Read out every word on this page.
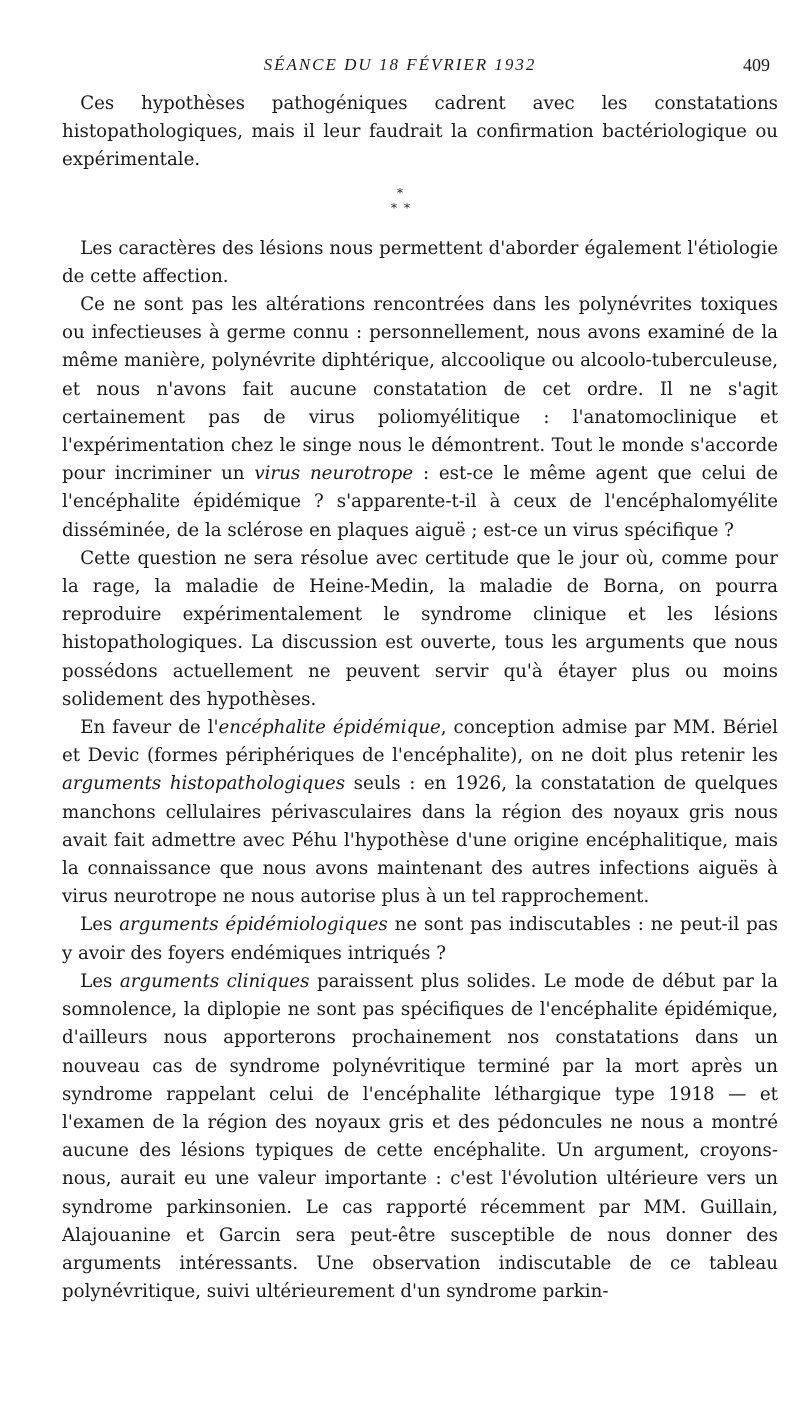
SÉANCE DU 18 FÉVRIER 1932	409

Ces hypothèses pathogéniques cadrent avec les constatations histopathologiques, mais il leur faudrait la confirmation bactériologique ou expérimentale.

*
* *

Les caractères des lésions nous permettent d'aborder également l'étiologie de cette affection.

Ce ne sont pas les altérations rencontrées dans les polynévrites toxiques ou infectieuses à germe connu : personnellement, nous avons examiné de la même manière, polynévrite diphtérique, alccoolique ou alcoolo-tuberculeuse, et nous n'avons fait aucune constatation de cet ordre. Il ne s'agit certainement pas de virus poliomyélitique : l'anatomoclinique et l'expérimentation chez le singe nous le démontrent. Tout le monde s'accorde pour incriminer un virus neurotrope : est-ce le même agent que celui de l'encéphalite épidémique ? s'apparente-t-il à ceux de l'encéphalomyélite disséminée, de la sclérose en plaques aiguë ; est-ce un virus spécifique ?

Cette question ne sera résolue avec certitude que le jour où, comme pour la rage, la maladie de Heine-Medin, la maladie de Borna, on pourra reproduire expérimentalement le syndrome clinique et les lésions histopathologiques. La discussion est ouverte, tous les arguments que nous possédons actuellement ne peuvent servir qu'à étayer plus ou moins solidement des hypothèses.

En faveur de l'encéphalite épidémique, conception admise par MM. Bériel et Devic (formes périphériques de l'encéphalite), on ne doit plus retenir les arguments histopathologiques seuls : en 1926, la constatation de quelques manchons cellulaires périvasculaires dans la région des noyaux gris nous avait fait admettre avec Péhu l'hypothèse d'une origine encéphalitique, mais la connaissance que nous avons maintenant des autres infections aiguës à virus neurotrope ne nous autorise plus à un tel rapprochement.

Les arguments épidémiologiques ne sont pas indiscutables : ne peut-il pas y avoir des foyers endémiques intriqués ?

Les arguments cliniques paraissent plus solides. Le mode de début par la somnolence, la diplopie ne sont pas spécifiques de l'encéphalite épidémique, d'ailleurs nous apporterons prochainement nos constatations dans un nouveau cas de syndrome polynévritique terminé par la mort après un syndrome rappelant celui de l'encéphalite léthargique type 1918 — et l'examen de la région des noyaux gris et des pédoncules ne nous a montré aucune des lésions typiques de cette encéphalite. Un argument, croyons-nous, aurait eu une valeur importante : c'est l'évolution ultérieure vers un syndrome parkinsonien. Le cas rapporté récemment par MM. Guillain, Alajouanine et Garcin sera peut-être susceptible de nous donner des arguments intéressants. Une observation indiscutable de ce tableau polynévritique, suivi ultérieurement d'un syndrome parkin-
